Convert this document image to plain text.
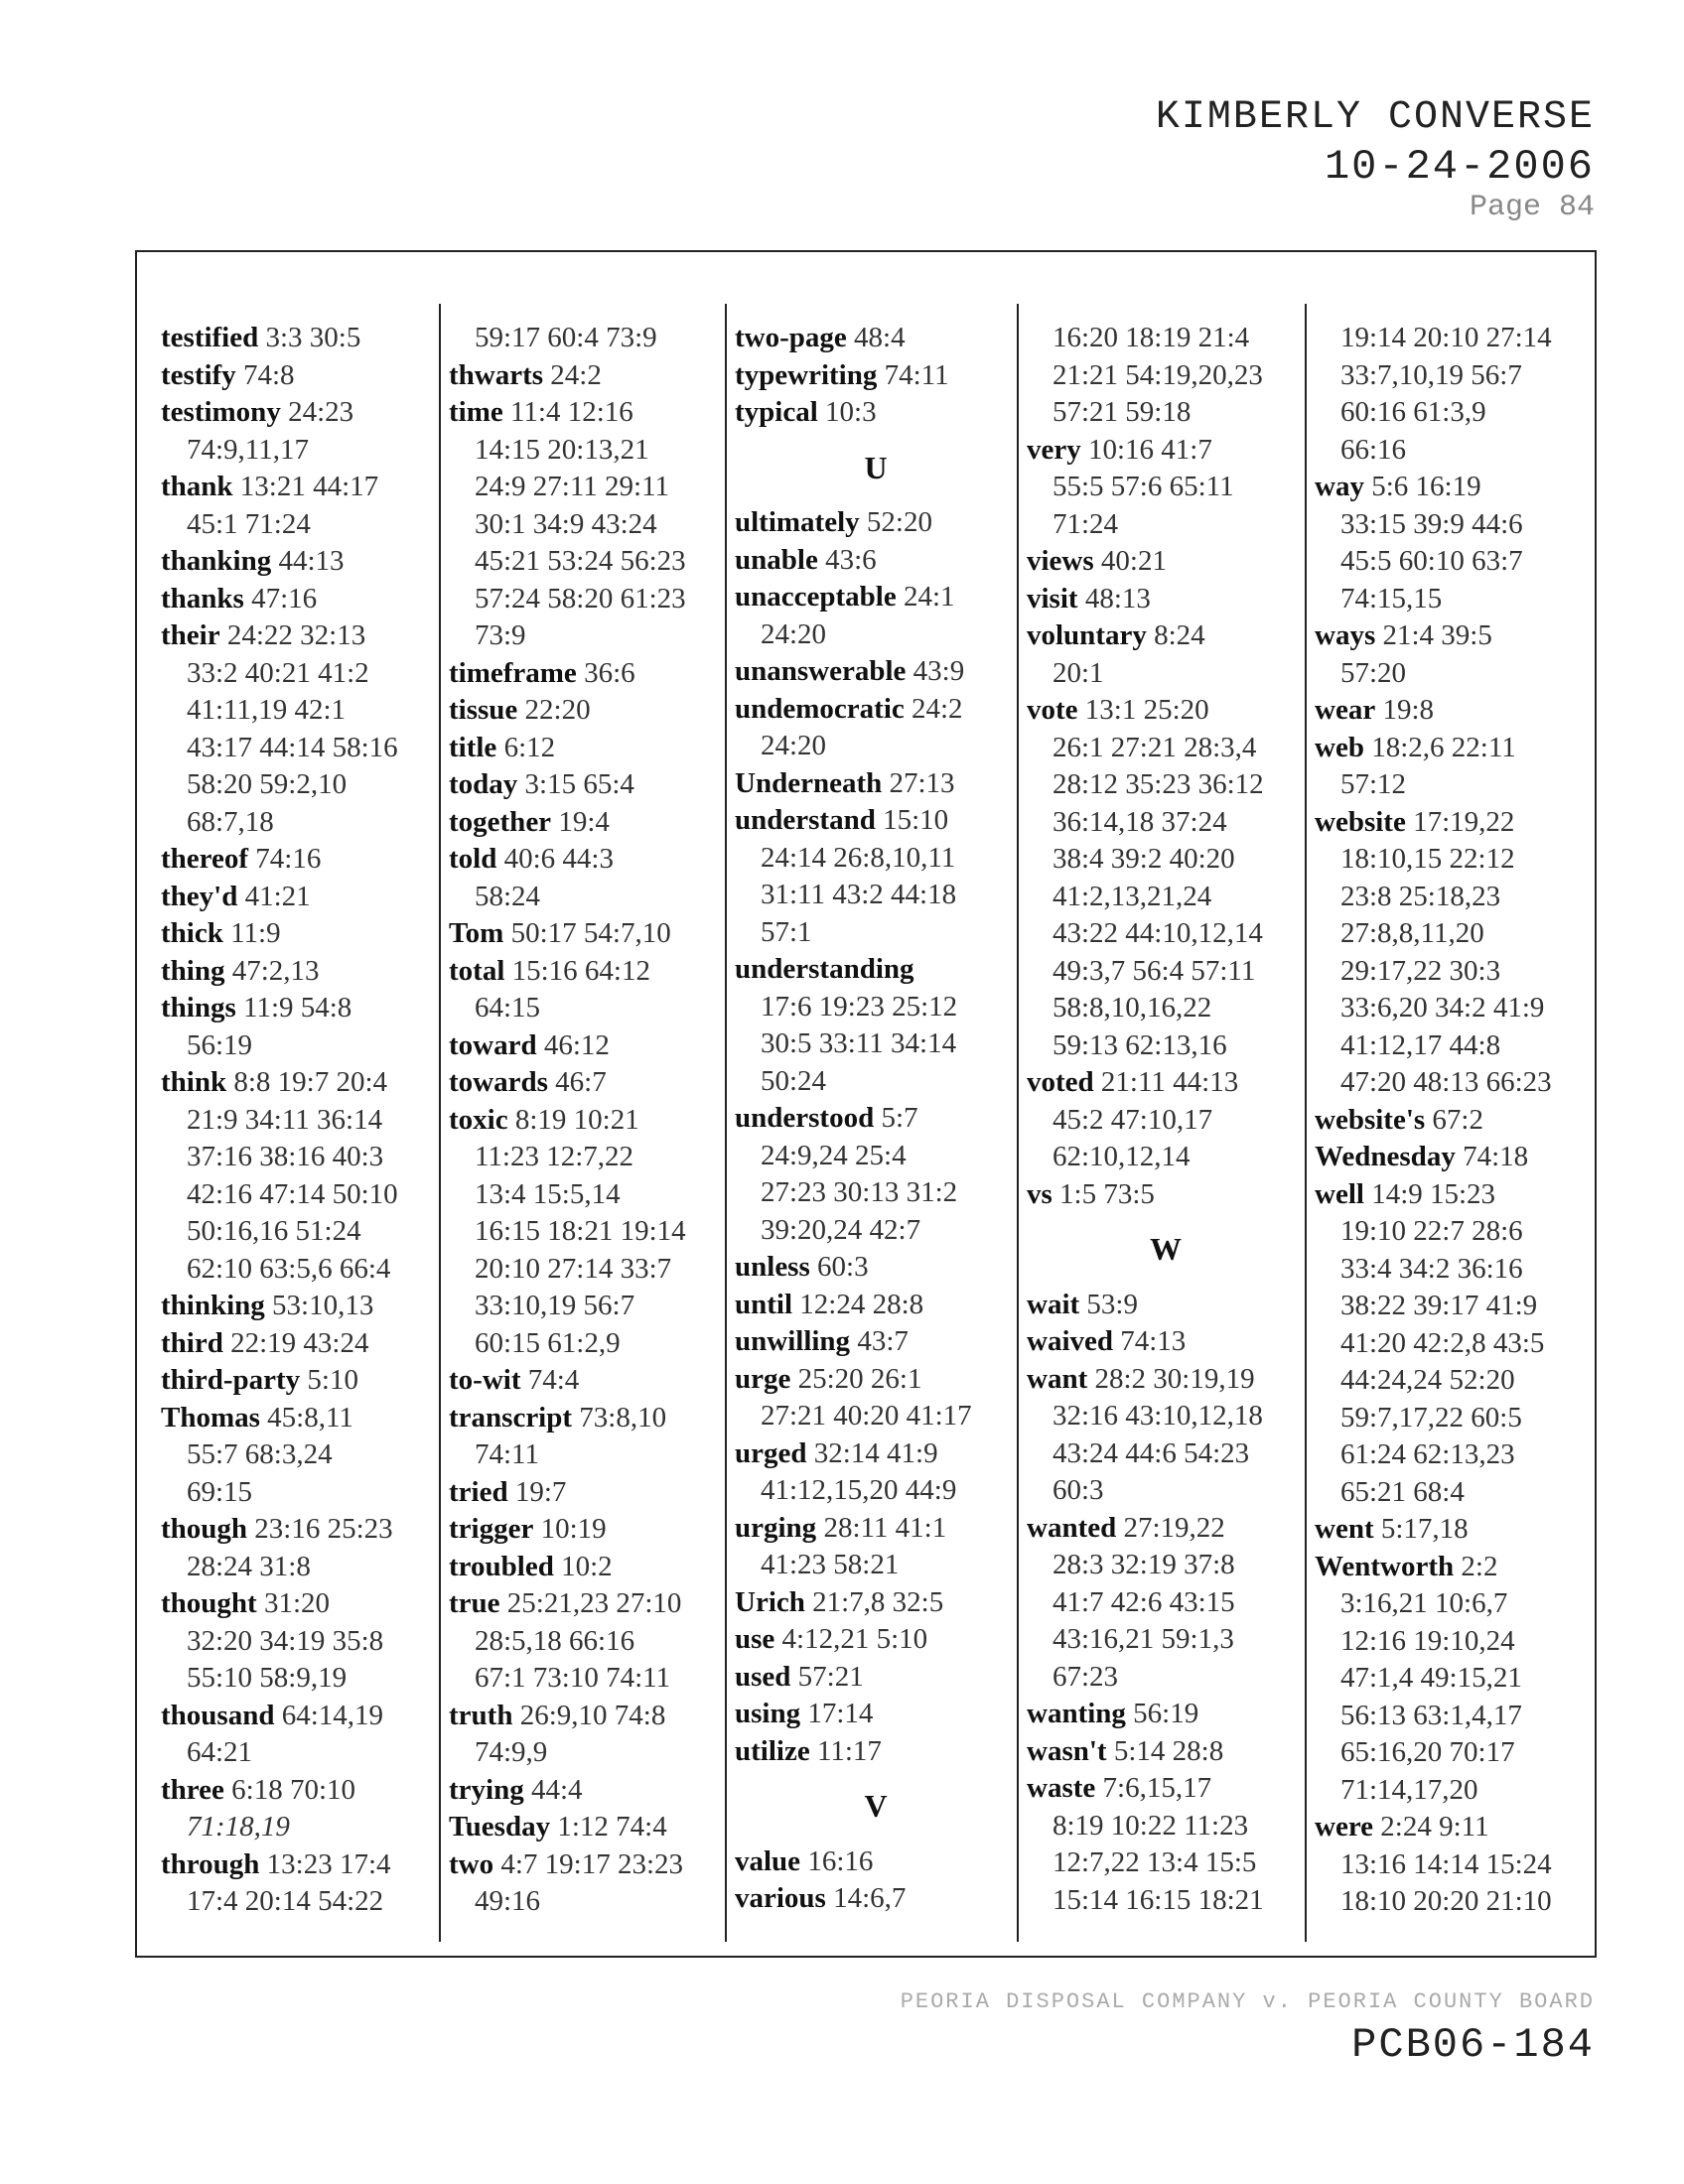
KIMBERLY CONVERSE
10-24-2006
Page 84
testified 3:3 30:5
testify 74:8
testimony 24:23
74:9,11,17
thank 13:21 44:17
45:1 71:24
thanking 44:13
thanks 47:16
their 24:22 32:13
33:2 40:21 41:2
41:11,19 42:1
43:17 44:14 58:16
58:20 59:2,10
68:7,18
thereof 74:16
they'd 41:21
thick 11:9
thing 47:2,13
things 11:9 54:8
56:19
think 8:8 19:7 20:4
21:9 34:11 36:14
37:16 38:16 40:3
42:16 47:14 50:10
50:16,16 51:24
62:10 63:5,6 66:4
thinking 53:10,13
third 22:19 43:24
third-party 5:10
Thomas 45:8,11
55:7 68:3,24
69:15
though 23:16 25:23
28:24 31:8
thought 31:20
32:20 34:19 35:8
55:10 58:9,19
thousand 64:14,19
64:21
three 6:18 70:10
71:18,19
through 13:23 17:4
17:4 20:14 54:22
59:17 60:4 73:9
thwarts 24:2
time 11:4 12:16
14:15 20:13,21
24:9 27:11 29:11
30:1 34:9 43:24
45:21 53:24 56:23
57:24 58:20 61:23
73:9
timeframe 36:6
tissue 22:20
title 6:12
today 3:15 65:4
together 19:4
told 40:6 44:3
58:24
Tom 50:17 54:7,10
total 15:16 64:12
64:15
toward 46:12
towards 46:7
toxic 8:19 10:21
11:23 12:7,22
13:4 15:5,14
16:15 18:21 19:14
20:10 27:14 33:7
33:10,19 56:7
60:15 61:2,9
to-wit 74:4
transcript 73:8,10
74:11
tried 19:7
trigger 10:19
troubled 10:2
true 25:21,23 27:10
28:5,18 66:16
67:1 73:10 74:11
truth 26:9,10 74:8
74:9,9
trying 44:4
Tuesday 1:12 74:4
two 4:7 19:17 23:23
49:16
two-page 48:4
typewriting 74:11
typical 10:3
U
ultimately 52:20
unable 43:6
unacceptable 24:1
24:20
unanswerable 43:9
undemocratic 24:2
24:20
Underneath 27:13
understand 15:10
24:14 26:8,10,11
31:11 43:2 44:18
57:1
understanding
17:6 19:23 25:12
30:5 33:11 34:14
50:24
understood 5:7
24:9,24 25:4
27:23 30:13 31:2
39:20,24 42:7
unless 60:3
until 12:24 28:8
unwilling 43:7
urge 25:20 26:1
27:21 40:20 41:17
urged 32:14 41:9
41:12,15,20 44:9
urging 28:11 41:1
41:23 58:21
Urich 21:7,8 32:5
use 4:12,21 5:10
used 57:21
using 17:14
utilize 11:17
V
value 16:16
various 14:6,7
16:20 18:19 21:4
21:21 54:19,20,23
57:21 59:18
very 10:16 41:7
55:5 57:6 65:11
71:24
views 40:21
visit 48:13
voluntary 8:24
20:1
vote 13:1 25:20
26:1 27:21 28:3,4
28:12 35:23 36:12
36:14,18 37:24
38:4 39:2 40:20
41:2,13,21,24
43:22 44:10,12,14
49:3,7 56:4 57:11
58:8,10,16,22
59:13 62:13,16
voted 21:11 44:13
45:2 47:10,17
62:10,12,14
vs 1:5 73:5
W
wait 53:9
waived 74:13
want 28:2 30:19,19
32:16 43:10,12,18
43:24 44:6 54:23
60:3
wanted 27:19,22
28:3 32:19 37:8
41:7 42:6 43:15
43:16,21 59:1,3
67:23
wanting 56:19
wasn't 5:14 28:8
waste 7:6,15,17
8:19 10:22 11:23
12:7,22 13:4 15:5
15:14 16:15 18:21
19:14 20:10 27:14
33:7,10,19 56:7
60:16 61:3,9
66:16
way 5:6 16:19
33:15 39:9 44:6
45:5 60:10 63:7
74:15,15
ways 21:4 39:5
57:20
wear 19:8
web 18:2,6 22:11
57:12
website 17:19,22
18:10,15 22:12
23:8 25:18,23
27:8,8,11,20
29:17,22 30:3
33:6,20 34:2 41:9
41:12,17 44:8
47:20 48:13 66:23
website's 67:2
Wednesday 74:18
well 14:9 15:23
19:10 22:7 28:6
33:4 34:2 36:16
38:22 39:17 41:9
41:20 42:2,8 43:5
44:24,24 52:20
59:7,17,22 60:5
61:24 62:13,23
65:21 68:4
went 5:17,18
Wentworth 2:2
3:16,21 10:6,7
12:16 19:10,24
47:1,4 49:15,21
56:13 63:1,4,17
65:16,20 70:17
71:14,17,20
were 2:24 9:11
13:16 14:14 15:24
18:10 20:20 21:10
PEORIA DISPOSAL COMPANY v. PEORIA COUNTY BOARD
PCB06-184
